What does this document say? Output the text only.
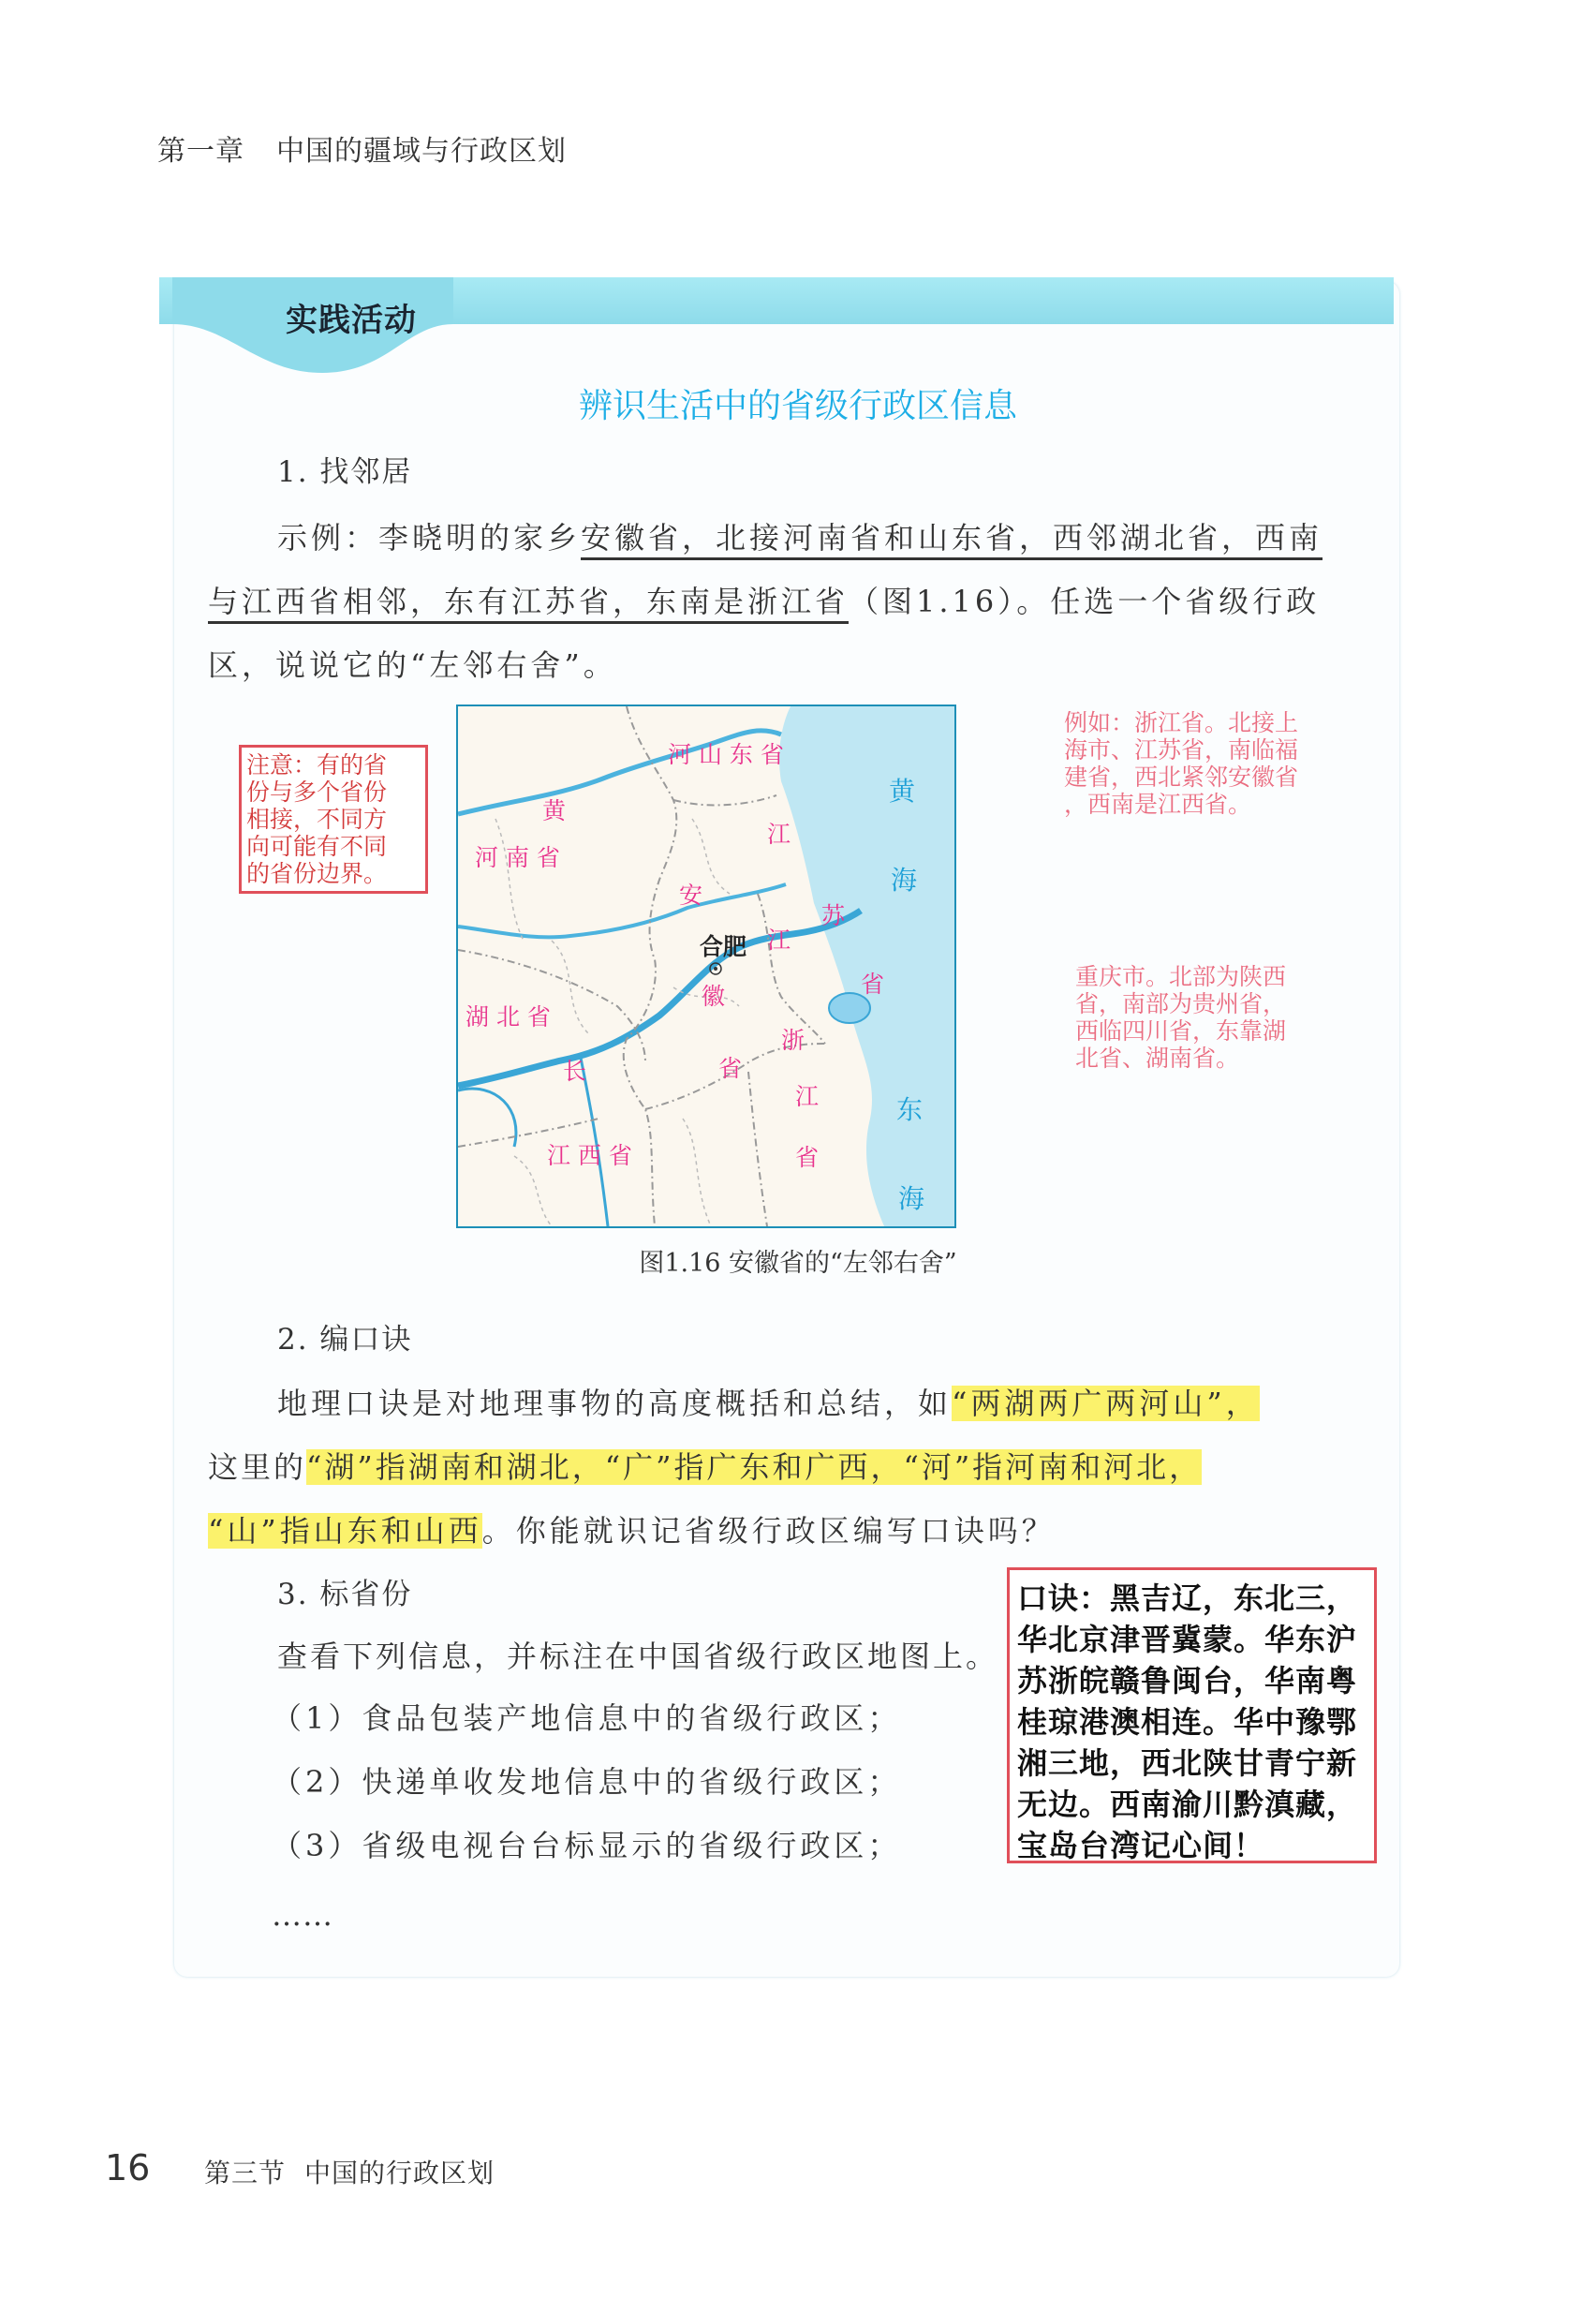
第一章 中国的疆域与行政区划
实践活动
辨识生活中的省级行政区信息
1. 找邻居
示例：李晓明的家乡安徽省，北接河南省和山东省，西邻湖北省，西南
与江西省相邻，东有江苏省，东南是浙江省（图1.16）。任选一个省级行政
区，说说它的“左邻右舍”。
注意：有的省
份与多个省份
相接，不同方
向可能有不同
的省份边界。
例如：浙江省。北接上
海市、江苏省，南临福
建省，西北紧邻安徽省
，西南是江西省。
重庆市。北部为陕西
省，南部为贵州省，
西临四川省，东靠湖
北省、湖南省。
河 山 东 省
黄
海
黄
河 南 省
江
苏
省
安
合肥
徽
省
江
湖 北 省
长
浙
江
省
江 西 省
东
海
图1.16 安徽省的“左邻右舍”
2. 编口诀
地理口诀是对地理事物的高度概括和总结，如“两湖两广两河山”，
这里的“湖”指湖南和湖北，“广”指广东和广西，“河”指河南和河北，
“山”指山东和山西。你能就识记省级行政区编写口诀吗？
3. 标省份
查看下列信息，并标注在中国省级行政区地图上。
（1）食品包装产地信息中的省级行政区；
（2）快递单收发地信息中的省级行政区；
（3）省级电视台台标显示的省级行政区；
……
口诀：黑吉辽，东北三，
华北京津晋冀蒙。华东沪
苏浙皖赣鲁闽台，华南粤
桂琼港澳相连。华中豫鄂
湘三地，西北陕甘青宁新
无边。西南渝川黔滇藏，
宝岛台湾记心间！
16 第三节 中国的行政区划
